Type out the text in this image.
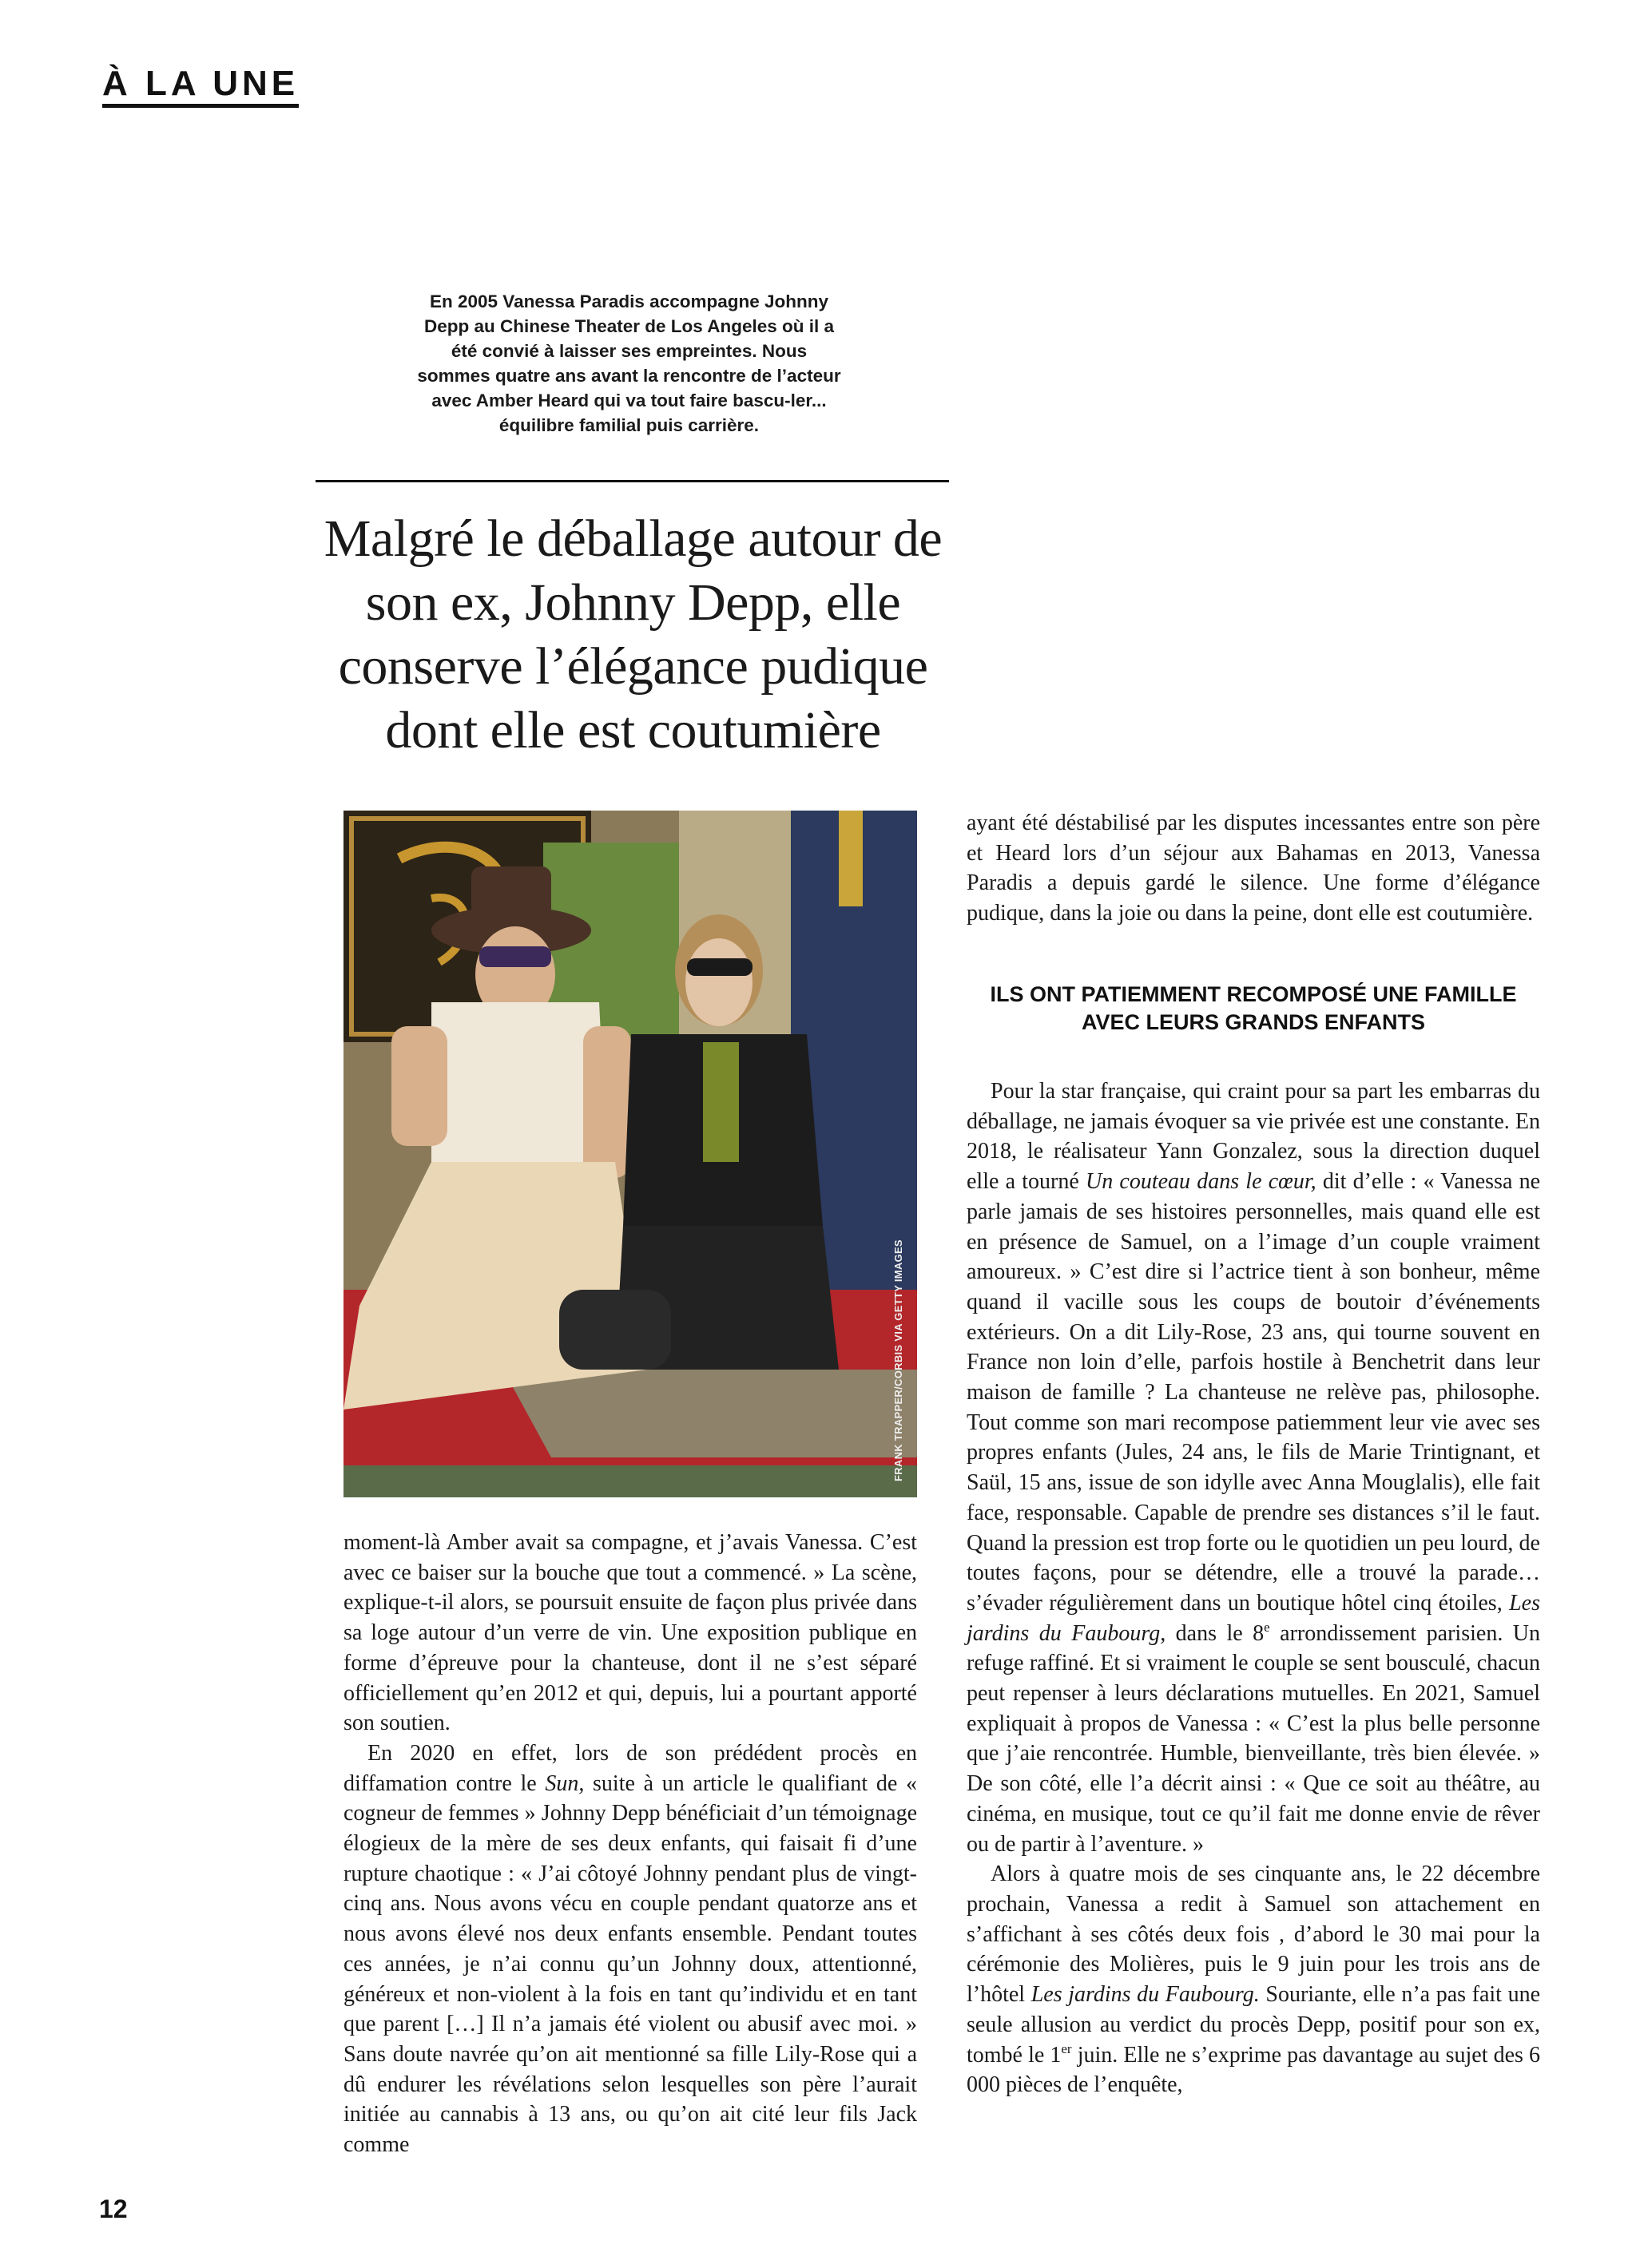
À LA UNE
En 2005 Vanessa Paradis accompagne Johnny Depp au Chinese Theater de Los Angeles où il a été convié à laisser ses empreintes. Nous sommes quatre ans avant la rencontre de l’acteur avec Amber Heard qui va tout faire bascu-ler... équilibre familial puis carrière.
Malgré le déballage autour de son ex, Johnny Depp, elle conserve l’élégance pudique dont elle est coutumière
FRANK TRAPPER/CORBIS VIA GETTY IMAGES

moment-là Amber avait sa compagne, et j’avais Vanessa. C’est avec ce baiser sur la bouche que tout a commencé. » La scène, explique-t-il alors, se poursuit ensuite de façon plus privée dans sa loge autour d’un verre de vin. Une exposition publique en forme d’épreuve pour la chanteuse, dont il ne s’est séparé officiellement qu’en 2012 et qui, depuis, lui a pourtant apporté son soutien.

En 2020 en effet, lors de son prédédent procès en diffamation contre le Sun, suite à un article le qualifiant de « cogneur de femmes » Johnny Depp bénéficiait d’un témoignage élogieux de la mère de ses deux enfants, qui faisait fi d’une rupture chaotique : « J’ai côtoyé Johnny pendant plus de vingt-cinq ans. Nous avons vécu en couple pendant quatorze ans et nous avons élevé nos deux enfants ensemble. Pendant toutes ces années, je n’ai connu qu’un Johnny doux, attentionné, généreux et non-violent à la fois en tant qu’individu et en tant que parent […] Il n’a jamais été violent ou abusif avec moi. » Sans doute navrée qu’on ait mentionné sa fille Lily-Rose qui a dû endurer les révélations selon lesquelles son père l’aurait initiée au cannabis à 13 ans, ou qu’on ait cité leur fils Jack comme

ayant été déstabilisé par les disputes incessantes entre son père et Heard lors d’un séjour aux Bahamas en 2013, Vanessa Paradis a depuis gardé le silence. Une forme d’élégance pudique, dans la joie ou dans la peine, dont elle est coutumière.

ILS ONT PATIEMMENT RECOMPOSÉ UNE FAMILLE AVEC LEURS GRANDS ENFANTS

Pour la star française, qui craint pour sa part les embarras du déballage, ne jamais évoquer sa vie privée est une constante. En 2018, le réalisateur Yann Gonzalez, sous la direction duquel elle a tourné Un couteau dans le cœur, dit d’elle : « Vanessa ne parle jamais de ses histoires personnelles, mais quand elle est en présence de Samuel, on a l’image d’un couple vraiment amoureux. » C’est dire si l’actrice tient à son bonheur, même quand il vacille sous les coups de boutoir d’événements extérieurs. On a dit Lily-Rose, 23 ans, qui tourne souvent en France non loin d’elle, parfois hostile à Benchetrit dans leur maison de famille ? La chanteuse ne relève pas, philosophe. Tout comme son mari recompose patiemment leur vie avec ses propres enfants (Jules, 24 ans, le fils de Marie Trintignant, et Saül, 15 ans, issue de son idylle avec Anna Mouglalis), elle fait face, responsable. Capable de prendre ses distances s’il le faut. Quand la pression est trop forte ou le quotidien un peu lourd, de toutes façons, pour se détendre, elle a trouvé la parade… s’évader régulièrement dans un boutique hôtel cinq étoiles, Les jardins du Faubourg, dans le 8e arrondissement parisien. Un refuge raffiné. Et si vraiment le couple se sent bousculé, chacun peut repenser à leurs déclarations mutuelles. En 2021, Samuel expliquait à propos de Vanessa : « C’est la plus belle personne que j’aie rencontrée. Humble, bienveillante, très bien élevée. » De son côté, elle l’a décrit ainsi : « Que ce soit au théâtre, au cinéma, en musique, tout ce qu’il fait me donne envie de rêver ou de partir à l’aventure. »

Alors à quatre mois de ses cinquante ans, le 22 décembre prochain, Vanessa a redit à Samuel son attachement en s’affichant à ses côtés deux fois , d’abord le 30 mai pour la cérémonie des Molières, puis le 9 juin pour les trois ans de l’hôtel Les jardins du Faubourg. Souriante, elle n’a pas fait une seule allusion au verdict du procès Depp, positif pour son ex, tombé le 1er juin. Elle ne s’exprime pas davantage au sujet des 6 000 pièces de l’enquête,

12
